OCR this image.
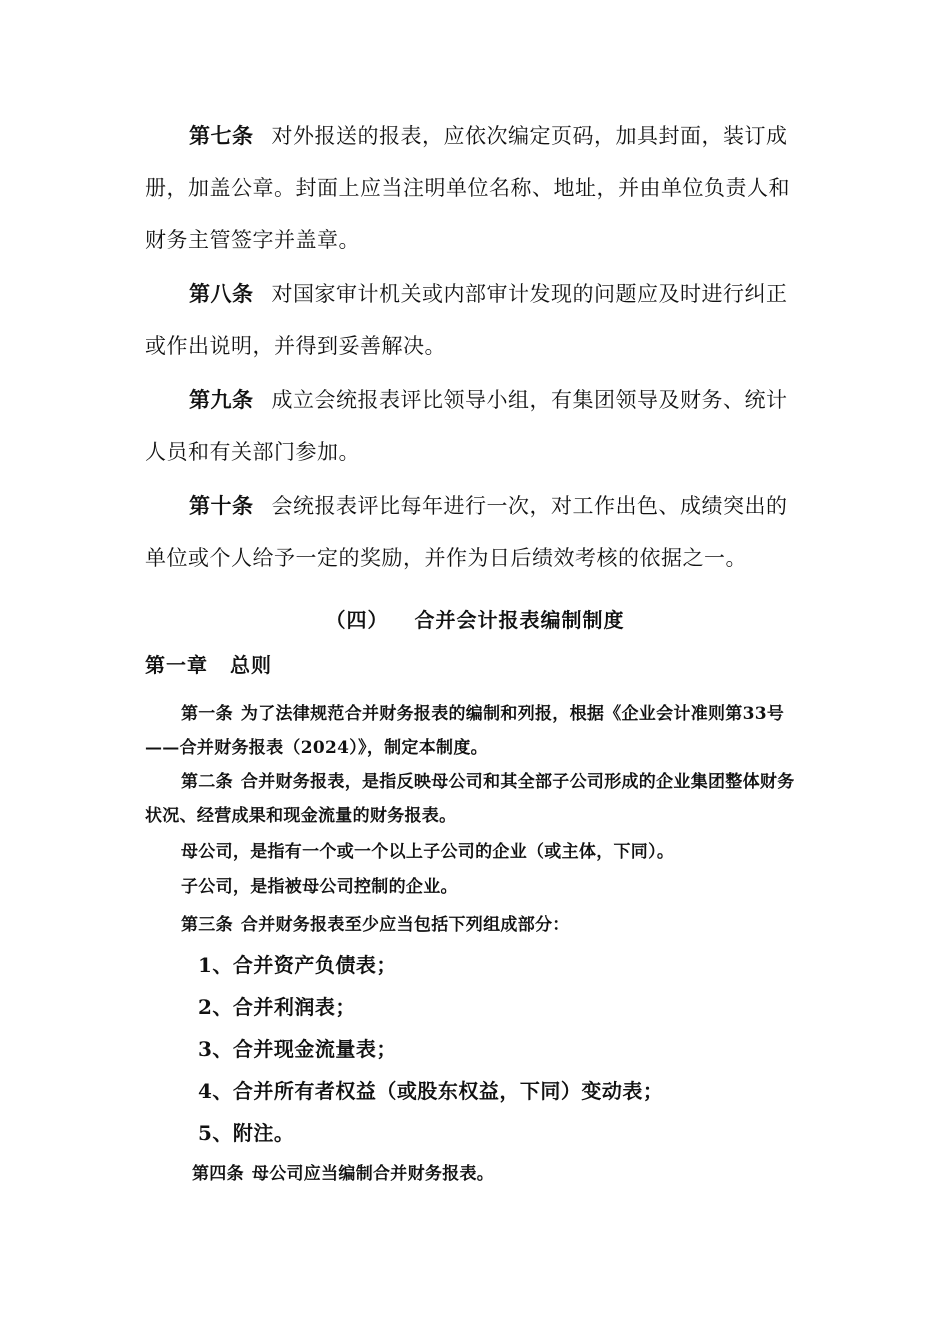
第七条 对外报送的报表，应依次编定页码，加具封面，装订成册，加盖公章。封面上应当注明单位名称、地址，并由单位负责人和财务主管签字并盖章。

第八条 对国家审计机关或内部审计发现的问题应及时进行纠正或作出说明，并得到妥善解决。

第九条 成立会统报表评比领导小组，有集团领导及财务、统计人员和有关部门参加。

第十条 会统报表评比每年进行一次，对工作出色、成绩突出的单位或个人给予一定的奖励，并作为日后绩效考核的依据之一。

（四） 合并会计报表编制制度
第一章 总则

第一条 为了法律规范合并财务报表的编制和列报，根据《企业会计准则第33号——合并财务报表（2024）》，制定本制度。

第二条 合并财务报表，是指反映母公司和其全部子公司形成的企业集团整体财务状况、经营成果和现金流量的财务报表。

母公司，是指有一个或一个以上子公司的企业（或主体，下同）。

子公司，是指被母公司控制的企业。

第三条 合并财务报表至少应当包括下列组成部分：

1、合并资产负债表；
2、合并利润表；
3、合并现金流量表；
4、合并所有者权益（或股东权益，下同）变动表；
5、附注。

第四条 母公司应当编制合并财务报表。
